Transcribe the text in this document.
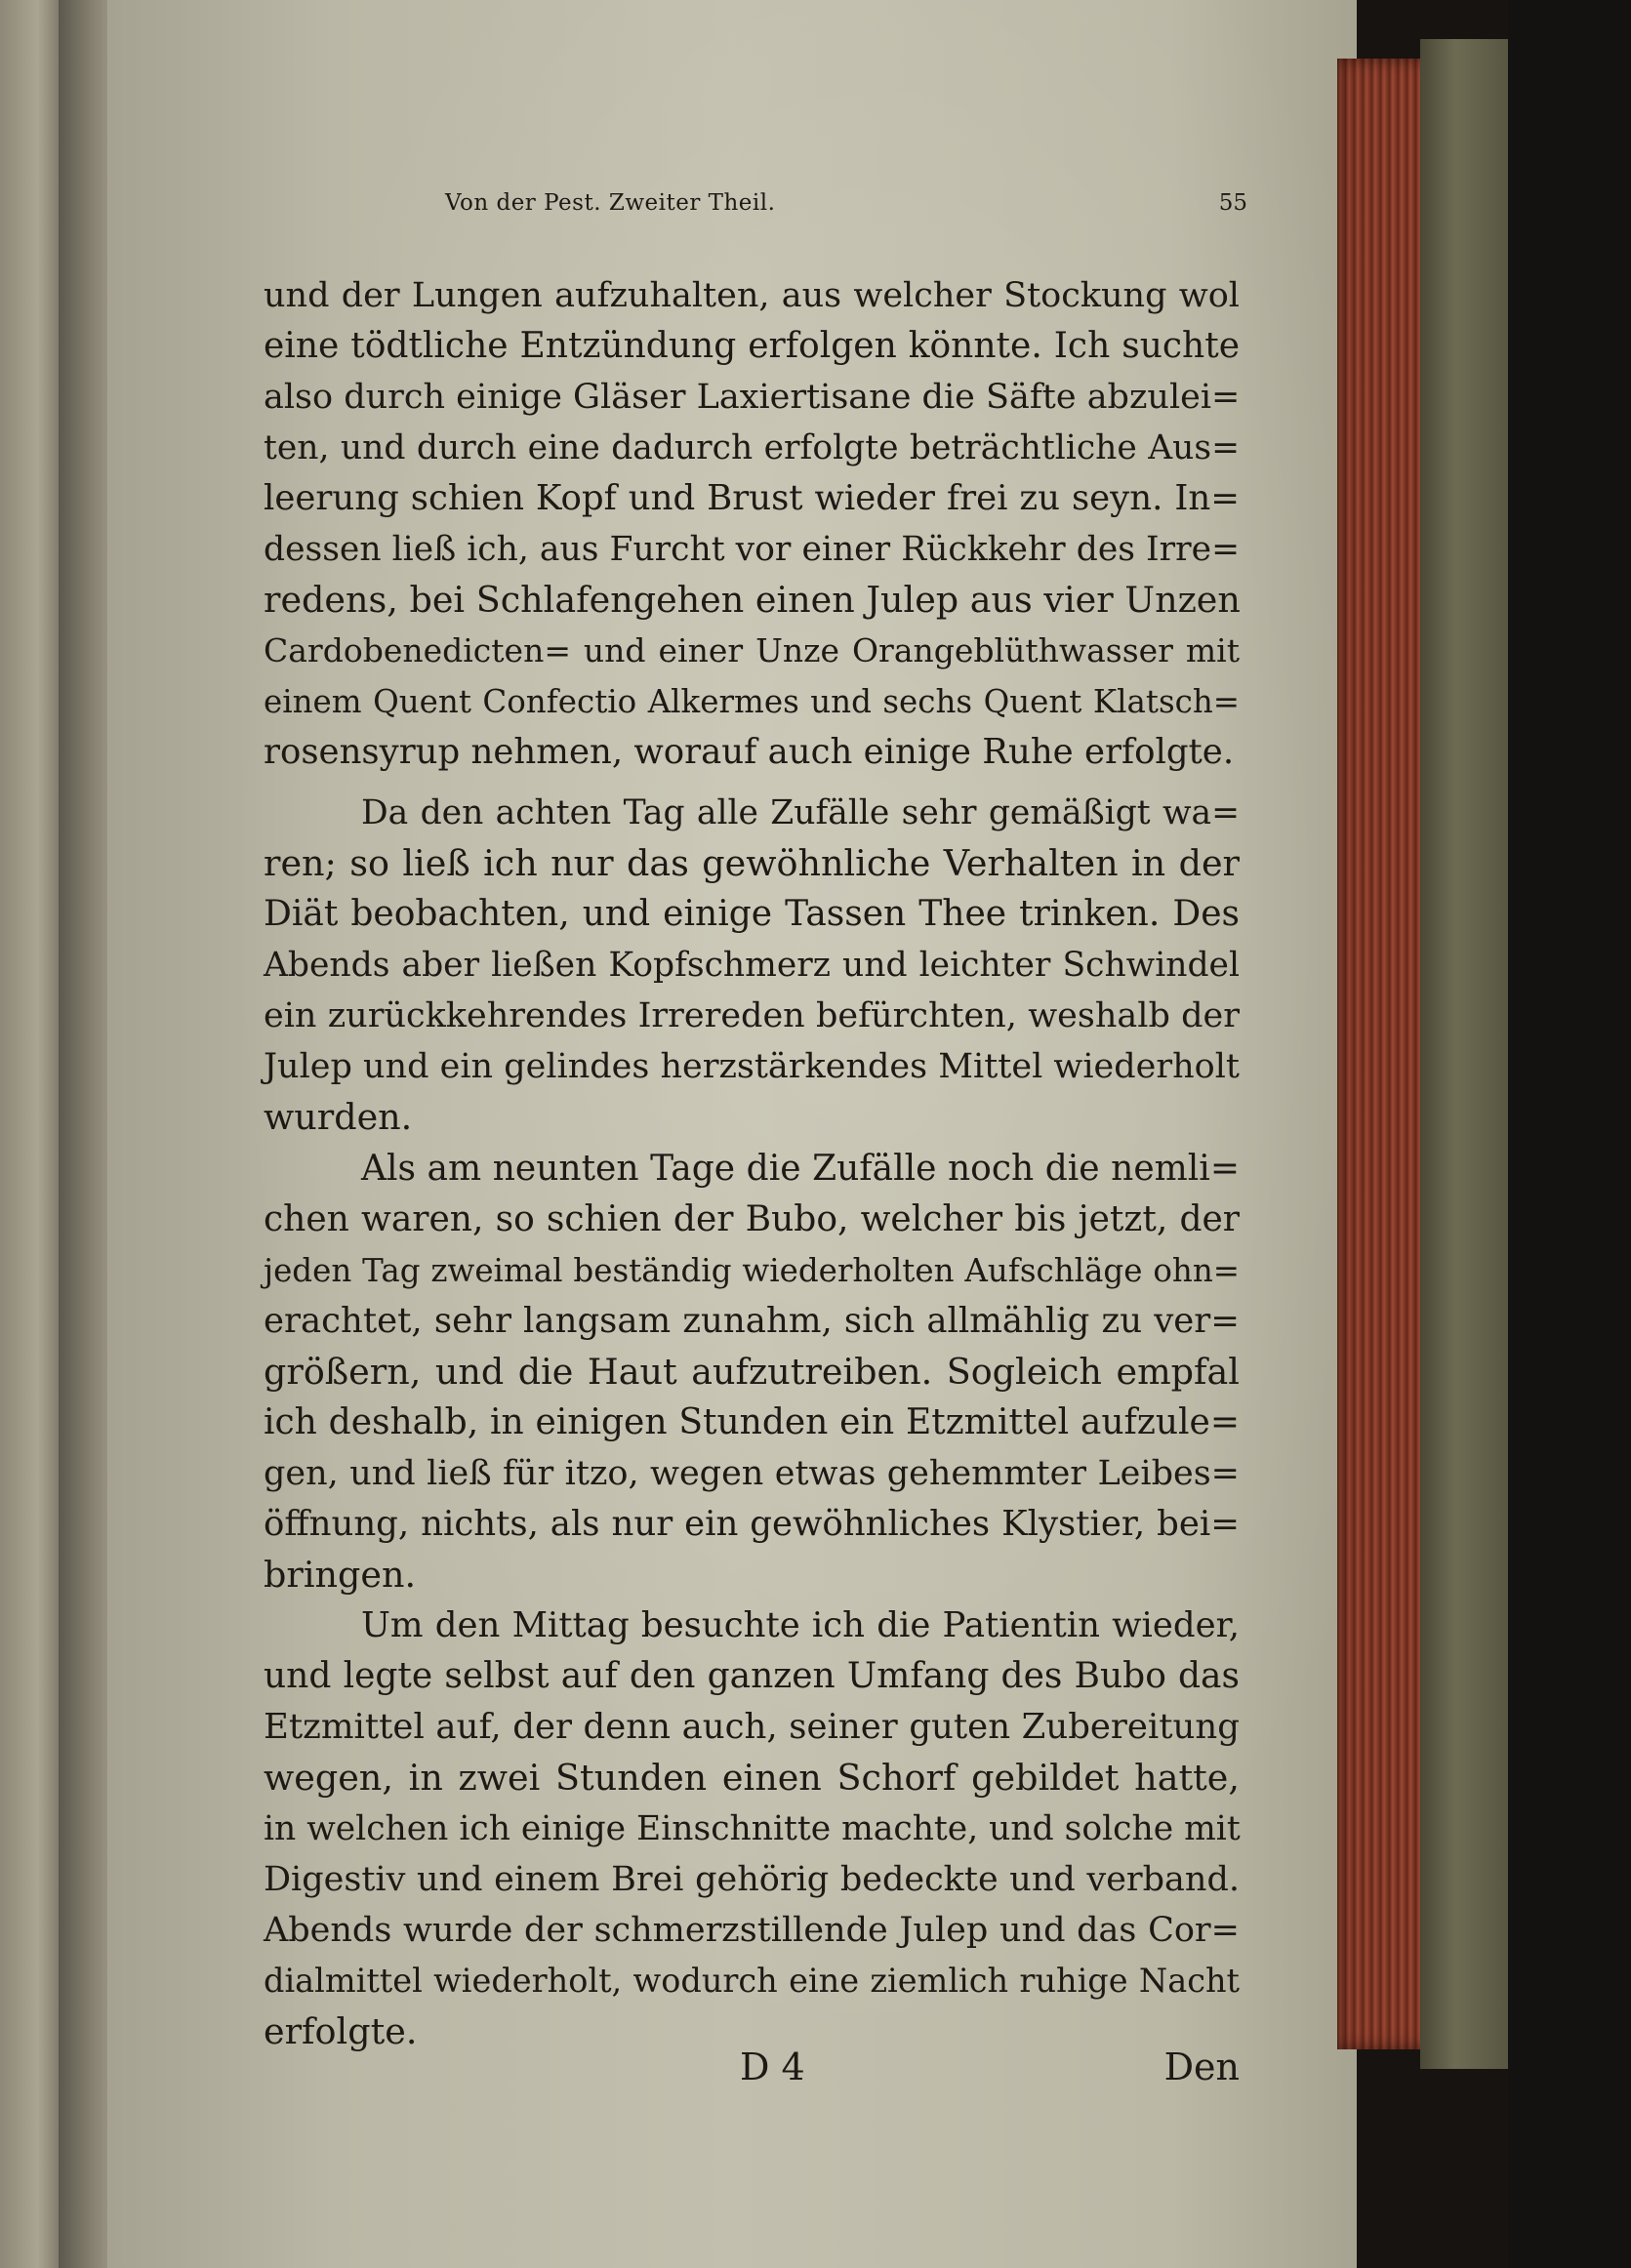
Von der Pest. Zweiter Theil.	55
und der Lungen aufzuhalten, aus welcher Stockung wol
eine tödtliche Entzündung erfolgen könnte. Ich suchte
also durch einige Gläser Laxiertisane die Säfte abzulei=
ten, und durch eine dadurch erfolgte beträchtliche Aus=
leerung schien Kopf und Brust wieder frei zu seyn. In=
dessen ließ ich, aus Furcht vor einer Rückkehr des Irre=
redens, bei Schlafengehen einen Julep aus vier Unzen
Cardobenedicten= und einer Unze Orangeblüthwasser mit
einem Quent Confectio Alkermes und sechs Quent Klatsch=
rosensyrup nehmen, worauf auch einige Ruhe erfolgte.
Da den achten Tag alle Zufälle sehr gemäßigt wa=
ren; so ließ ich nur das gewöhnliche Verhalten in der
Diät beobachten, und einige Tassen Thee trinken. Des
Abends aber ließen Kopfschmerz und leichter Schwindel
ein zurückkehrendes Irrereden befürchten, weshalb der
Julep und ein gelindes herzstärkendes Mittel wiederholt
wurden.
Als am neunten Tage die Zufälle noch die nemli=
chen waren, so schien der Bubo, welcher bis jetzt, der
jeden Tag zweimal beständig wiederholten Aufschläge ohn=
erachtet, sehr langsam zunahm, sich allmählig zu ver=
größern, und die Haut aufzutreiben. Sogleich empfal
ich deshalb, in einigen Stunden ein Etzmittel aufzule=
gen, und ließ für itzo, wegen etwas gehemmter Leibes=
öffnung, nichts, als nur ein gewöhnliches Klystier, bei=
bringen.
Um den Mittag besuchte ich die Patientin wieder,
und legte selbst auf den ganzen Umfang des Bubo das
Etzmittel auf, der denn auch, seiner guten Zubereitung
wegen, in zwei Stunden einen Schorf gebildet hatte,
in welchen ich einige Einschnitte machte, und solche mit
Digestiv und einem Brei gehörig bedeckte und verband.
Abends wurde der schmerzstillende Julep und das Cor=
dialmittel wiederholt, wodurch eine ziemlich ruhige Nacht
erfolgte.
D 4	Den
